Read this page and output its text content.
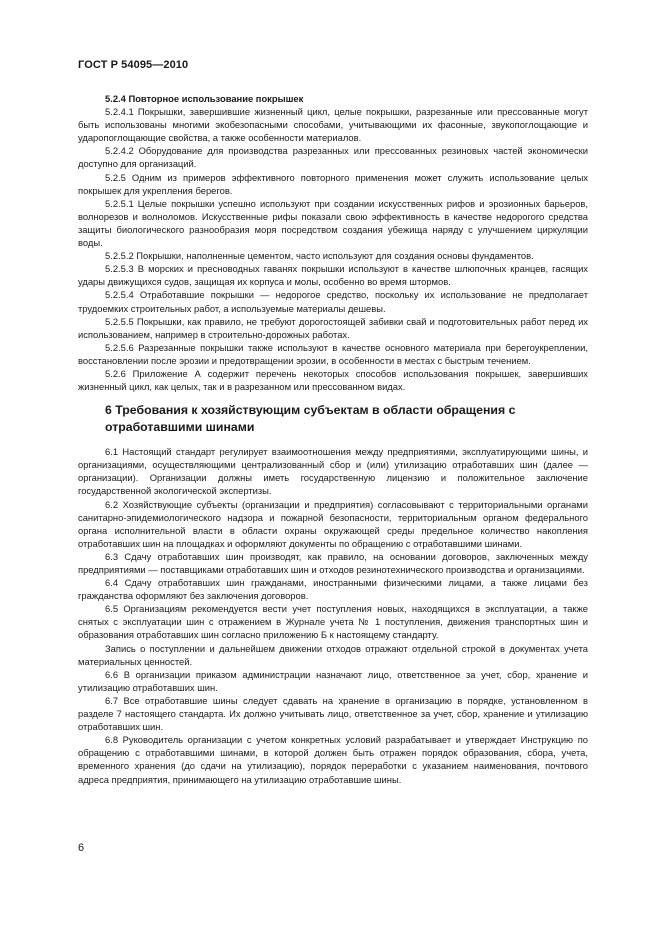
ГОСТ Р 54095—2010

5.2.4 Повторное использование покрышек

5.2.4.1 Покрышки, завершившие жизненный цикл, целые покрышки, разрезанные или прессованные могут быть использованы многими экобезопасными способами, учитывающими их фасонные, звукопоглощающие и ударопоглощающие свойства, а также особенности материалов.

5.2.4.2 Оборудование для производства разрезанных или прессованных резиновых частей экономически доступно для организаций.

5.2.5 Одним из примеров эффективного повторного применения может служить использование целых покрышек для укрепления берегов.

5.2.5.1 Целые покрышки успешно используют при создании искусственных рифов и эрозионных барьеров, волнорезов и волноломов. Искусственные рифы показали свою эффективность в качестве недорогого средства защиты биологического разнообразия моря посредством создания убежища наряду с улучшением циркуляции воды.

5.2.5.2 Покрышки, наполненные цементом, часто используют для создания основы фундаментов.

5.2.5.3 В морских и пресноводных гаванях покрышки используют в качестве шлюпочных кранцев, гасящих удары движущихся судов, защищая их корпуса и молы, особенно во время штормов.

5.2.5.4 Отработавшие покрышки — недорогое средство, поскольку их использование не предполагает трудоемких строительных работ, а используемые материалы дешевы.

5.2.5.5 Покрышки, как правило, не требуют дорогостоящей забивки свай и подготовительных работ перед их использованием, например в строительно-дорожных работах.

5.2.5.6 Разрезанные покрышки также используют в качестве основного материала при берегоукреплении, восстановлении после эрозии и предотвращении эрозии, в особенности в местах с быстрым течением.

5.2.6 Приложение А содержит перечень некоторых способов использования покрышек, завершивших жизненный цикл, как целых, так и в разрезанном или прессованном видах.

6 Требования к хозяйствующим субъектам в области обращения с отработавшими шинами

6.1 Настоящий стандарт регулирует взаимоотношения между предприятиями, эксплуатирующими шины, и организациями, осуществляющими централизованный сбор и (или) утилизацию отработавших шин (далее — организации). Организации должны иметь государственную лицензию и положительное заключение государственной экологической экспертизы.

6.2 Хозяйствующие субъекты (организации и предприятия) согласовывают с территориальными органами санитарно-эпидемиологического надзора и пожарной безопасности, территориальным органом федерального органа исполнительной власти в области охраны окружающей среды предельное количество накопления отработавших шин на площадках и оформляют документы по обращению с отработавшими шинами.

6.3 Сдачу отработавших шин производят, как правило, на основании договоров, заключенных между предприятиями — поставщиками отработавших шин и отходов резинотехнического производства и организациями.

6.4 Сдачу отработавших шин гражданами, иностранными физическими лицами, а также лицами без гражданства оформляют без заключения договоров.

6.5 Организациям рекомендуется вести учет поступления новых, находящихся в эксплуатации, а также снятых с эксплуатации шин с отражением в Журнале учета № 1 поступления, движения транспортных шин и образования отработавших шин согласно приложению Б к настоящему стандарту.

Запись о поступлении и дальнейшем движении отходов отражают отдельной строкой в документах учета материальных ценностей.

6.6 В организации приказом администрации назначают лицо, ответственное за учет, сбор, хранение и утилизацию отработавших шин.

6.7 Все отработавшие шины следует сдавать на хранение в организацию в порядке, установленном в разделе 7 настоящего стандарта. Их должно учитывать лицо, ответственное за учет, сбор, хранение и утилизацию отработавших шин.

6.8 Руководитель организации с учетом конкретных условий разрабатывает и утверждает Инструкцию по обращению с отработавшими шинами, в которой должен быть отражен порядок образования, сбора, учета, временного хранения (до сдачи на утилизацию), порядок переработки с указанием наименования, почтового адреса предприятия, принимающего на утилизацию отработавшие шины.

6
